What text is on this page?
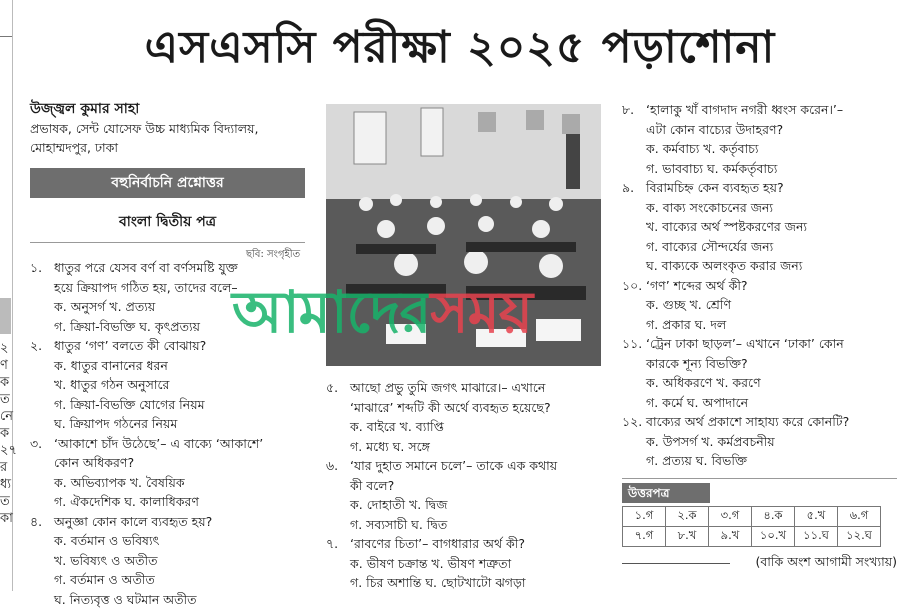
২
ণ
ক
ত
নে
ক
২৭
র
ধ্য
ত
কা
এসএসসি পরীক্ষা ২০২৫ পড়াশোনা
উজ্জ্বল কুমার সাহা
প্রভাষক, সেন্ট যোসেফ উচ্চ মাধ্যমিক বিদ্যালয়,
মোহাম্মদপুর, ঢাকা
বহুনির্বাচনি প্রশ্নোত্তর
বাংলা দ্বিতীয় পত্র
১. ধাতুর পরে যেসব বর্ণ বা বর্ণসমষ্টি যুক্ত
হয়ে ক্রিয়াপদ গঠিত হয়, তাদের বলে–
ক. অনুসর্গ খ. প্রত্যয়
গ. ক্রিয়া-বিভক্তি ঘ. কৃৎপ্রত্যয়
২. ধাতুর ‘গণ’ বলতে কী বোঝায়?
ক. ধাতুর বানানের ধরন
খ. ধাতুর গঠন অনুসারে
গ. ক্রিয়া-বিভক্তি যোগের নিয়ম
ঘ. ক্রিয়াপদ গঠনের নিয়ম
৩. ‘আকাশে চাঁদ উঠেছে’– এ বাক্যে ‘আকাশে’
কোন অধিকরণ?
ক. অভিব্যাপক খ. বৈষয়িক
গ. ঐকদেশিক ঘ. কালাধিকরণ
৪. অনুজ্ঞা কোন কালে ব্যবহৃত হয়?
ক. বর্তমান ও ভবিষ্যৎ
খ. ভবিষ্যৎ ও অতীত
গ. বর্তমান ও অতীত
ঘ. নিত্যবৃত্ত ও ঘটমান অতীত
ছবি: সংগৃহীত
আমাদেরসময়
৫. আছো প্রভু তুমি জগৎ মাঝারে।– এখানে
‘মাঝারে’ শব্দটি কী অর্থে ব্যবহৃত হয়েছে?
ক. বাইরে খ. ব্যাপ্তি
গ. মধ্যে ঘ. সঙ্গে
৬. ‘যার দুহাত সমানে চলে’– তাকে এক কথায়
কী বলে?
ক. দোহাতী খ. দ্বিজ
গ. সব্যসাচী ঘ. দ্বিত
৭. ‘রাবণের চিতা’– বাগধারার অর্থ কী?
ক. ভীষণ চক্রান্ত খ. ভীষণ শত্রুতা
গ. চির অশান্তি ঘ. ছোটখাটো ঝগড়া
৮. ‘হালাকু খাঁ বাগদাদ নগরী ধ্বংস করেন।’–
এটা কোন বাচ্যের উদাহরণ?
ক. কর্মবাচ্য খ. কর্তৃবাচ্য
গ. ভাববাচ্য ঘ. কর্মকর্তৃবাচ্য
৯. বিরামচিহ্ন কেন ব্যবহৃত হয়?
ক. বাক্য সংকোচনের জন্য
খ. বাক্যের অর্থ স্পষ্টকরণের জন্য
গ. বাক্যের সৌন্দর্যের জন্য
ঘ. বাক্যকে অলংকৃত করার জন্য
১০. ‘গণ’ শব্দের অর্থ কী?
ক. গুচ্ছ খ. শ্রেণি
গ. প্রকার ঘ. দল
১১. ‘ট্রেন ঢাকা ছাড়ল’– এখানে ‘ঢাকা’ কোন
কারকে শূন্য বিভক্তি?
ক. অধিকরণে খ. করণে
গ. কর্মে ঘ. অপাদানে
১২. বাক্যের অর্থ প্রকাশে সাহায্য করে কোনটি?
ক. উপসর্গ খ. কর্মপ্রবচনীয়
গ. প্রত্যয় ঘ. বিভক্তি
উত্তরপত্র
১.গ	২.ক	৩.গ	৪.ক	৫.খ	৬.গ
৭.গ	৮.খ	৯.খ	১০.খ	১১.ঘ	১২.ঘ
(বাকি অংশ আগামী সংখ্যায়)
